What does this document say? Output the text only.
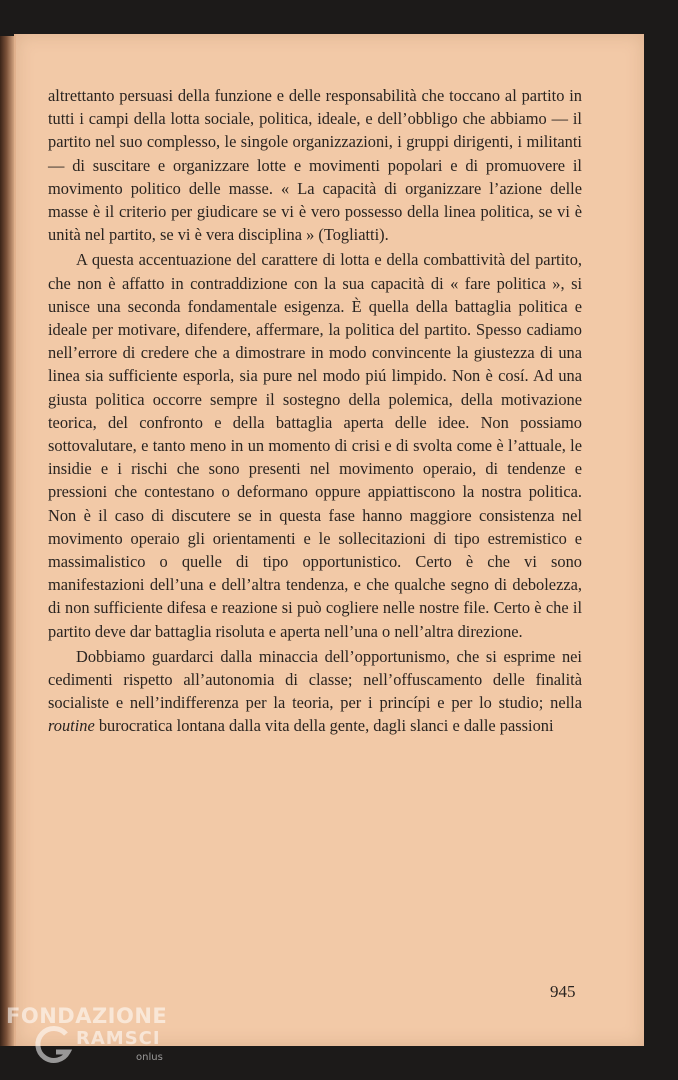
altrettanto persuasi della funzione e delle responsabilità che toccano al partito in tutti i campi della lotta sociale, politica, ideale, e dell’obbligo che abbiamo — il partito nel suo complesso, le singole organizzazioni, i gruppi dirigenti, i militanti — di suscitare e organizzare lotte e movimenti popolari e di promuovere il movimento politico delle masse. « La capacità di organizzare l’azione delle masse è il criterio per giudicare se vi è vero possesso della linea politica, se vi è unità nel partito, se vi è vera disciplina » (Togliatti).

A questa accentuazione del carattere di lotta e della combattività del partito, che non è affatto in contraddizione con la sua capacità di « fare politica », si unisce una seconda fondamentale esigenza. È quella della battaglia politica e ideale per motivare, difendere, affermare, la politica del partito. Spesso cadiamo nell’errore di credere che a dimostrare in modo convincente la giustezza di una linea sia sufficiente esporla, sia pure nel modo piú limpido. Non è cosí. Ad una giusta politica occorre sempre il sostegno della polemica, della motivazione teorica, del confronto e della battaglia aperta delle idee. Non possiamo sottovalutare, e tanto meno in un momento di crisi e di svolta come è l’attuale, le insidie e i rischi che sono presenti nel movimento operaio, di tendenze e pressioni che contestano o deformano oppure appiattiscono la nostra politica. Non è il caso di discutere se in questa fase hanno maggiore consistenza nel movimento operaio gli orientamenti e le sollecitazioni di tipo estremistico e massimalistico o quelle di tipo opportunistico. Certo è che vi sono manifestazioni dell’una e dell’altra tendenza, e che qualche segno di debolezza, di non sufficiente difesa e reazione si può cogliere nelle nostre file. Certo è che il partito deve dar battaglia risoluta e aperta nell’una o nell’altra direzione.

Dobbiamo guardarci dalla minaccia dell’opportunismo, che si esprime nei cedimenti rispetto all’autonomia di classe; nell’offuscamento delle finalità socialiste e nell’indifferenza per la teoria, per i princípi e per lo studio; nella routine burocratica lontana dalla vita della gente, dagli slanci e dalle passioni

945
FONDAZIONE
RAMSCI
onlus
